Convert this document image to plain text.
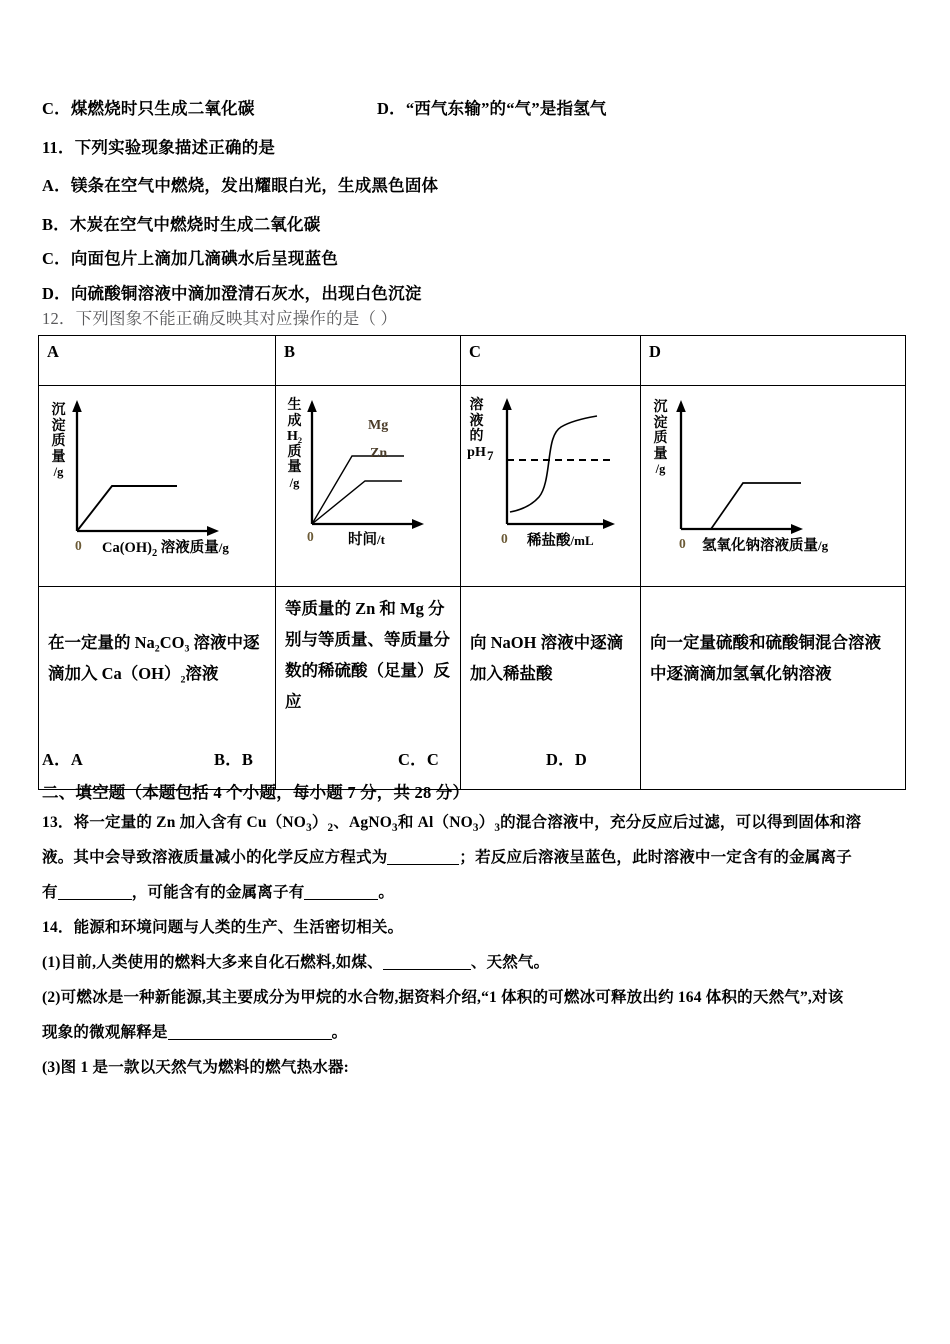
C．煤燃烧时只生成二氧化碳	D．“西气东输”的“气”是指氢气
11．下列实验现象描述正确的是
A．镁条在空气中燃烧，发出耀眼白光，生成黑色固体
B．木炭在空气中燃烧时生成二氧化碳
C．向面包片上滴加几滴碘水后呈现蓝色
D．向硫酸铜溶液中滴加澄清石灰水，出现白色沉淀
12．下列图象不能正确反映其对应操作的是（ ）
A	B	C	D

沉淀质量 /g
0 $Ca(OH)_2$ 溶液质量/g

生成
H₂
质量 /g
Mg
Zn
0 时间/t

溶液的
pH 7
0 稀盐酸/mL

沉淀质量 /g
0 氢氧化钠溶液质量/g

在一定量的 Na₂CO₃ 溶液中逐滴加入 Ca（OH）₂溶液	等质量的 Zn 和 Mg 分别与等质量、等质量分数的稀硫酸（足量）反应	向 NaOH 溶液中逐滴加入稀盐酸	向一定量硫酸和硫酸铜混合溶液中逐滴滴加氢氧化钠溶液
A．A	B．B	C．C	D．D
二、填空题（本题包括 4 个小题，每小题 7 分，共 28 分）
13．将一定量的 Zn 加入含有 $Cu(NO_3)_2$、AgNO$_3$和 $Al(NO_3)_3$的混合溶液中，充分反应后过滤，可以得到固体和溶
液。其中会导致溶液质量减小的化学反应方程式为	；若反应后溶液呈蓝色，此时溶液中一定含有的金属离子
有	，可能含有的金属离子有	。
14．能源和环境问题与人类的生产、生活密切相关。
(1)目前,人类使用的燃料大多来自化石燃料,如煤、	、天然气。
(2)可燃冰是一种新能源,其主要成分为甲烷的水合物,据资料介绍,“1 体积的可燃冰可释放出约 164 体积的天然气”,对该
现象的微观解释是	。
(3)图 1 是一款以天然气为燃料的燃气热水器:
